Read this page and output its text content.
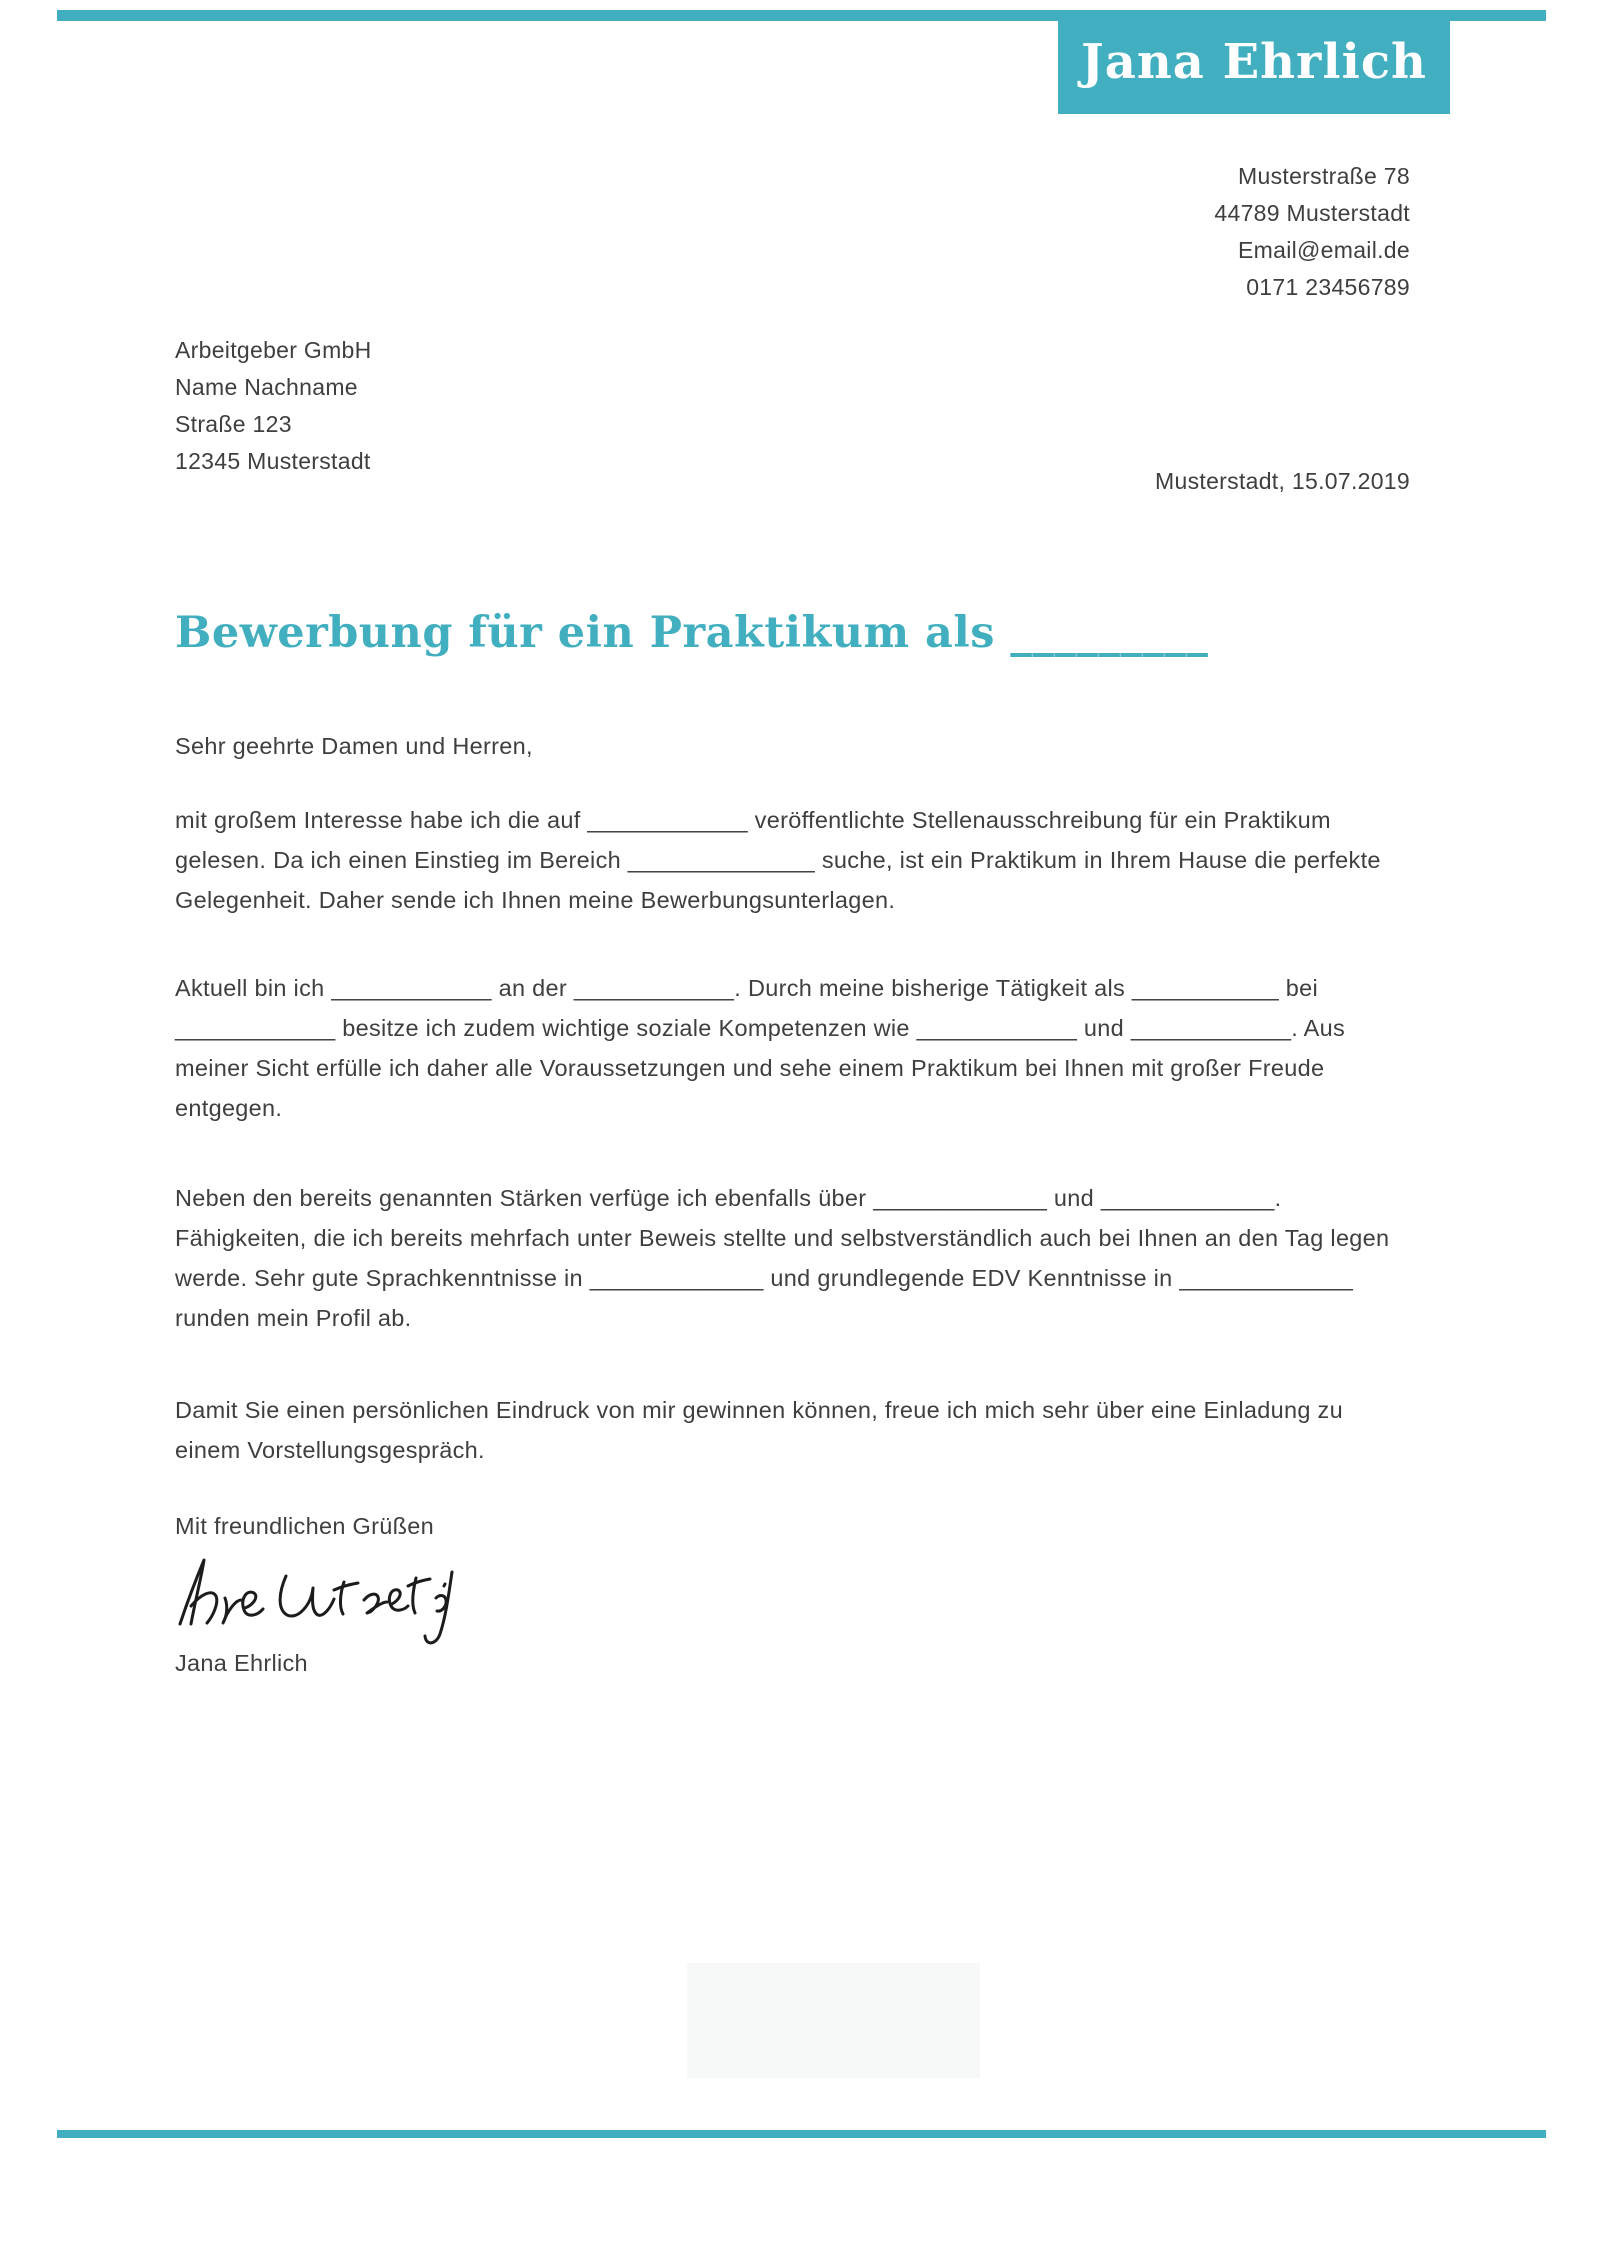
Jana Ehrlich
Musterstraße 78
44789 Musterstadt
Email@email.de
0171 23456789
Arbeitgeber GmbH
Name Nachname
Straße 123
12345 Musterstadt
Musterstadt, 15.07.2019
Bewerbung für ein Praktikum als _________

Sehr geehrte Damen und Herren,

mit großem Interesse habe ich die auf ____________ veröffentlichte Stellenausschreibung für ein Praktikum gelesen. Da ich einen Einstieg im Bereich ______________ suche, ist ein Praktikum in Ihrem Hause die perfekte Gelegenheit. Daher sende ich Ihnen meine Bewerbungsunterlagen.

Aktuell bin ich ____________ an der ____________. Durch meine bisherige Tätigkeit als ___________ bei ____________ besitze ich zudem wichtige soziale Kompetenzen wie ____________ und ____________. Aus meiner Sicht erfülle ich daher alle Voraussetzungen und sehe einem Praktikum bei Ihnen mit großer Freude entgegen.

Neben den bereits genannten Stärken verfüge ich ebenfalls über _____________ und _____________. Fähigkeiten, die ich bereits mehrfach unter Beweis stellte und selbstverständlich auch bei Ihnen an den Tag legen werde. Sehr gute Sprachkenntnisse in _____________ und grundlegende EDV Kenntnisse in _____________ runden mein Profil ab.

Damit Sie einen persönlichen Eindruck von mir gewinnen können, freue ich mich sehr über eine Einladung zu einem Vorstellungsgespräch.

Mit freundlichen Grüßen

Jana Ehrlich
